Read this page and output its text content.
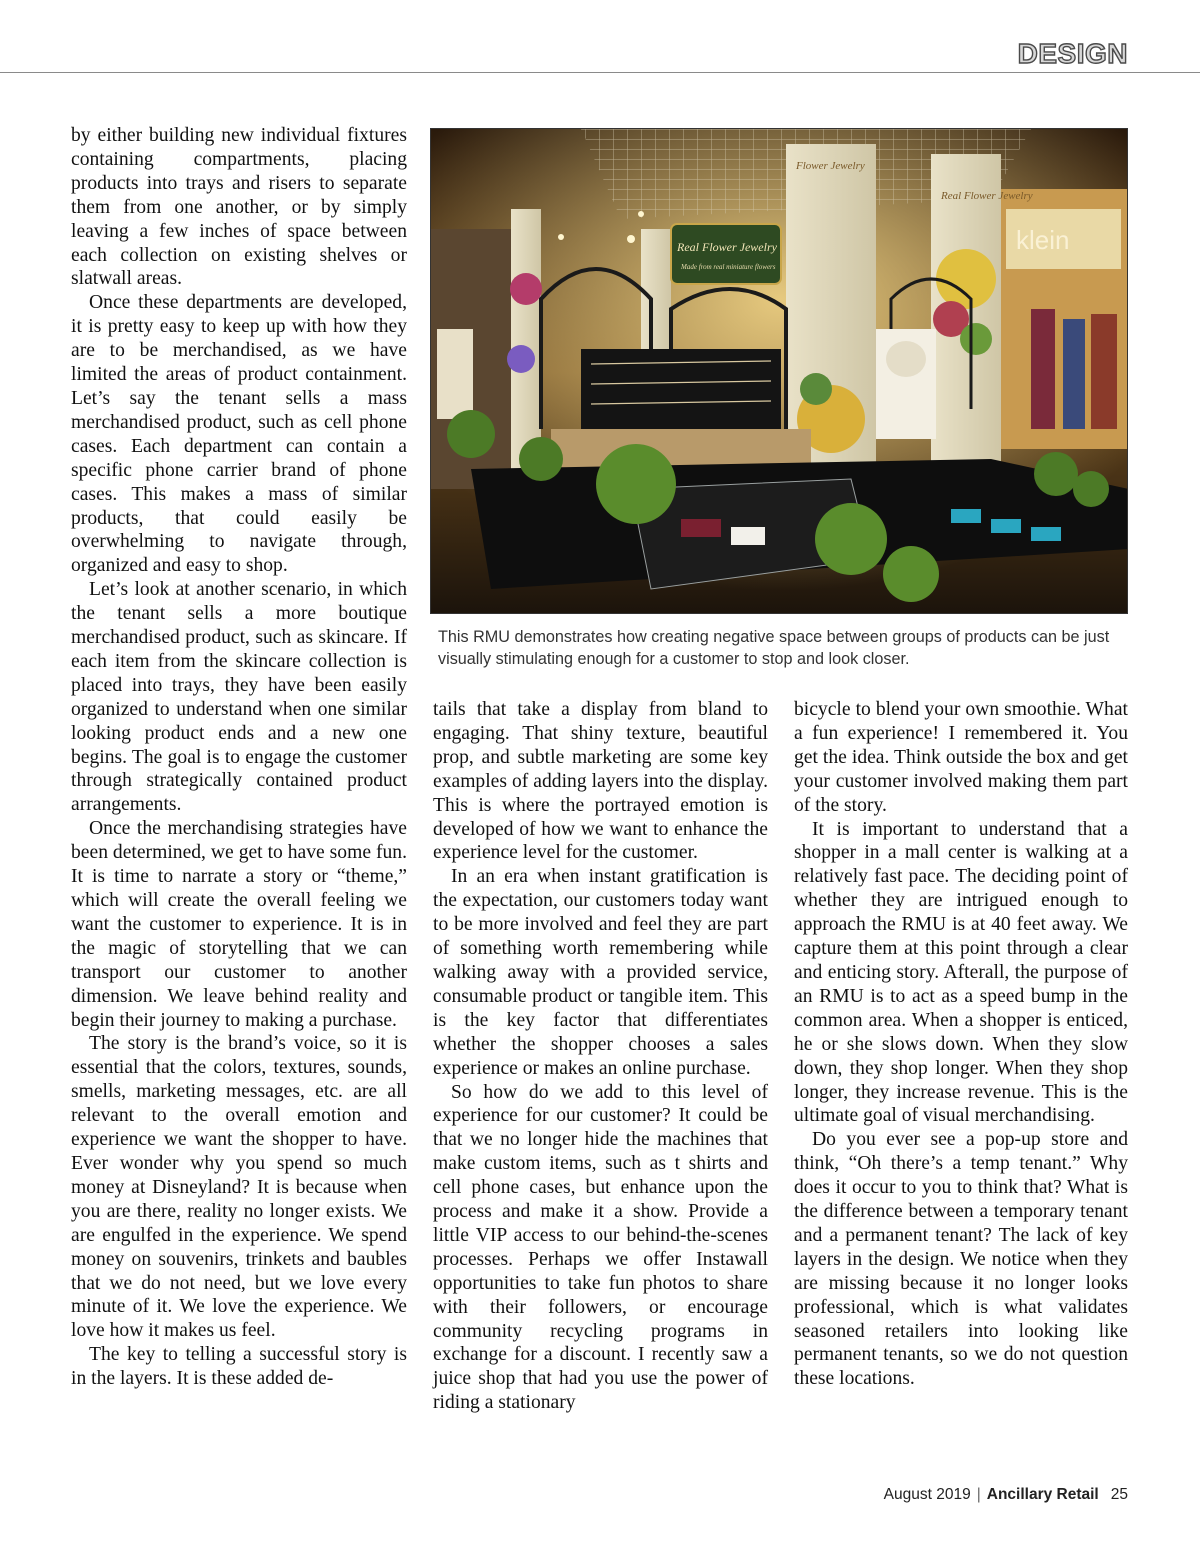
DESIGN

by either building new individual fixtures containing compartments, placing products into trays and risers to separate them from one another, or by simply leaving a few inches of space between each collection on existing shelves or slatwall areas.

Once these departments are developed, it is pretty easy to keep up with how they are to be merchandised, as we have limited the areas of product containment. Let’s say the tenant sells a mass merchandised product, such as cell phone cases. Each department can contain a specific phone carrier brand of phone cases. This makes a mass of similar products, that could easily be overwhelming to navigate through, organized and easy to shop.

Let’s look at another scenario, in which the tenant sells a more boutique merchandised product, such as skincare. If each item from the skincare collection is placed into trays, they have been easily organized to understand when one similar looking product ends and a new one begins. The goal is to engage the customer through strategically contained product arrangements.

Once the merchandising strategies have been determined, we get to have some fun. It is time to narrate a story or “theme,” which will create the overall feeling we want the customer to experience. It is in the magic of storytelling that we can transport our customer to another dimension. We leave behind reality and begin their journey to making a purchase.

The story is the brand’s voice, so it is essential that the colors, textures, sounds, smells, marketing messages, etc. are all relevant to the overall emotion and experience we want the shopper to have. Ever wonder why you spend so much money at Disneyland? It is because when you are there, reality no longer exists. We are engulfed in the experience. We spend money on souvenirs, trinkets and baubles that we do not need, but we love every minute of it. We love the experience. We love how it makes us feel.

The key to telling a successful story is in the layers. It is these added de-

klein
Real Flower Jewelry
Flower Jewelry
Real Flower Jewelry
Made from real miniature flowers
This RMU demonstrates how creating negative space between groups of products can be just visually stimulating enough for a customer to stop and look closer.

tails that take a display from bland to engaging. That shiny texture, beautiful prop, and subtle marketing are some key examples of adding layers into the display. This is where the portrayed emotion is developed of how we want to enhance the experience level for the customer.

In an era when instant gratification is the expectation, our customers today want to be more involved and feel they are part of something worth remembering while walking away with a provided service, consumable product or tangible item. This is the key factor that differentiates whether the shopper chooses a sales experience or makes an online purchase.

So how do we add to this level of experience for our customer? It could be that we no longer hide the machines that make custom items, such as t shirts and cell phone cases, but enhance upon the process and make it a show. Provide a little VIP access to our behind-the-scenes processes. Perhaps we offer Instawall opportunities to take fun photos to share with their followers, or encourage community recycling programs in exchange for a discount. I recently saw a juice shop that had you use the power of riding a stationary

bicycle to blend your own smoothie. What a fun experience! I remembered it. You get the idea. Think outside the box and get your customer involved making them part of the story.

It is important to understand that a shopper in a mall center is walking at a relatively fast pace. The deciding point of whether they are intrigued enough to approach the RMU is at 40 feet away. We capture them at this point through a clear and enticing story. Afterall, the purpose of an RMU is to act as a speed bump in the common area. When a shopper is enticed, he or she slows down. When they slow down, they shop longer. When they shop longer, they increase revenue. This is the ultimate goal of visual merchandising.

Do you ever see a pop-up store and think, “Oh there’s a temp tenant.” Why does it occur to you to think that? What is the difference between a temporary tenant and a permanent tenant? The lack of key layers in the design. We notice when they are missing because it no longer looks professional, which is what validates seasoned retailers into looking like permanent tenants, so we do not question these locations.

August 2019 | Ancillary Retail 25
